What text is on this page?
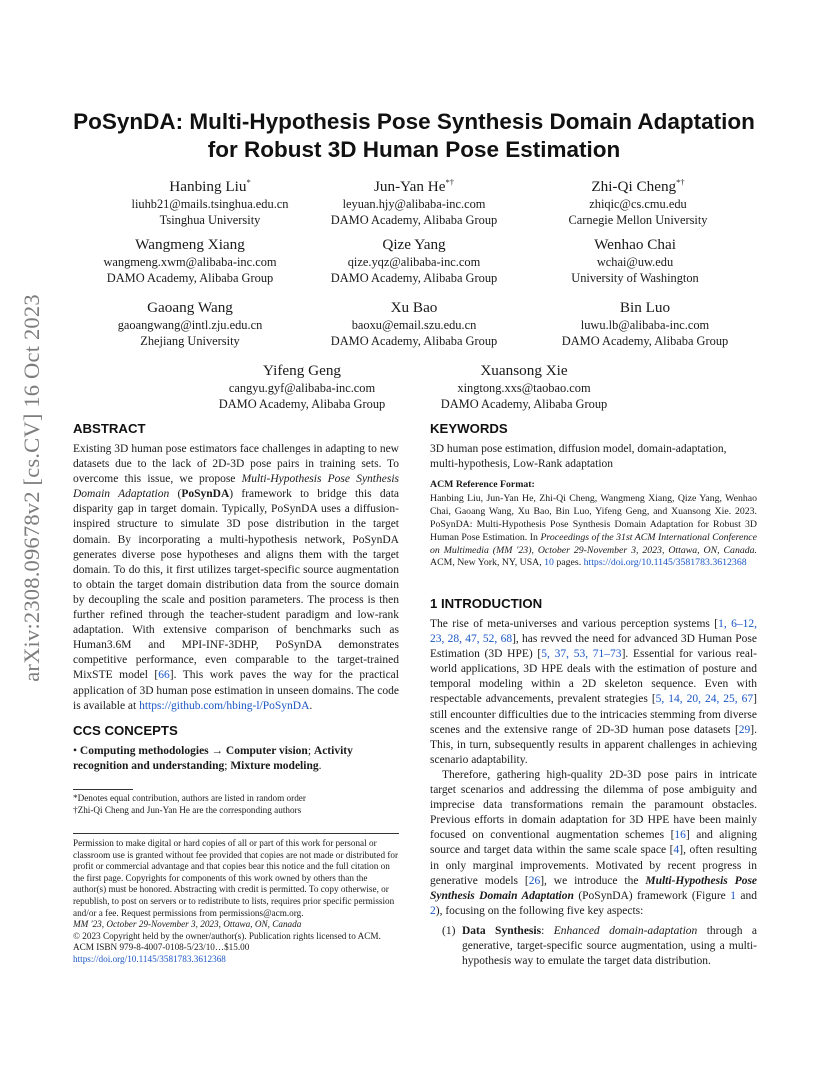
arXiv:2308.09678v2 [cs.CV] 16 Oct 2023
PoSynDA: Multi-Hypothesis Pose Synthesis Domain Adaptation
for Robust 3D Human Pose Estimation
Hanbing Liu*
liuhb21@mails.tsinghua.edu.cn
Tsinghua University
Jun-Yan He*†
leyuan.hjy@alibaba-inc.com
DAMO Academy, Alibaba Group
Zhi-Qi Cheng*†
zhiqic@cs.cmu.edu
Carnegie Mellon University
Wangmeng Xiang
wangmeng.xwm@alibaba-inc.com
DAMO Academy, Alibaba Group
Qize Yang
qize.yqz@alibaba-inc.com
DAMO Academy, Alibaba Group
Wenhao Chai
wchai@uw.edu
University of Washington
Gaoang Wang
gaoangwang@intl.zju.edu.cn
Zhejiang University
Xu Bao
baoxu@email.szu.edu.cn
DAMO Academy, Alibaba Group
Bin Luo
luwu.lb@alibaba-inc.com
DAMO Academy, Alibaba Group
Yifeng Geng
cangyu.gyf@alibaba-inc.com
DAMO Academy, Alibaba Group
Xuansong Xie
xingtong.xxs@taobao.com
DAMO Academy, Alibaba Group
ABSTRACT

Existing 3D human pose estimators face challenges in adapting to new datasets due to the lack of 2D-3D pose pairs in training sets. To overcome this issue, we propose Multi-Hypothesis Pose Synthesis Domain Adaptation (PoSynDA) framework to bridge this data disparity gap in target domain. Typically, PoSynDA uses a diffusion-inspired structure to simulate 3D pose distribution in the target domain. By incorporating a multi-hypothesis network, PoSynDA generates diverse pose hypotheses and aligns them with the target domain. To do this, it first utilizes target-specific source augmentation to obtain the target domain distribution data from the source domain by decoupling the scale and position parameters. The process is then further refined through the teacher-student paradigm and low-rank adaptation. With extensive comparison of benchmarks such as Human3.6M and MPI-INF-3DHP, PoSynDA demonstrates competitive performance, even comparable to the target-trained MixSTE model [66]. This work paves the way for the practical application of 3D human pose estimation in unseen domains. The code is available at https://github.com/hbing-l/PoSynDA.

CCS CONCEPTS

• Computing methodologies → Computer vision; Activity recognition and understanding; Mixture modeling.

*Denotes equal contribution, authors are listed in random order
†Zhi-Qi Cheng and Jun-Yan He are the corresponding authors

Permission to make digital or hard copies of all or part of this work for personal or classroom use is granted without fee provided that copies are not made or distributed for profit or commercial advantage and that copies bear this notice and the full citation on the first page. Copyrights for components of this work owned by others than the author(s) must be honored. Abstracting with credit is permitted. To copy otherwise, or republish, to post on servers or to redistribute to lists, requires prior specific permission and/or a fee. Request permissions from permissions@acm.org.

MM '23, October 29-November 3, 2023, Ottawa, ON, Canada
© 2023 Copyright held by the owner/author(s). Publication rights licensed to ACM.
ACM ISBN 979-8-4007-0108-5/23/10…$15.00
https://doi.org/10.1145/3581783.3612368
KEYWORDS

3D human pose estimation, diffusion model, domain-adaptation, multi-hypothesis, Low-Rank adaptation

ACM Reference Format:

Hanbing Liu, Jun-Yan He, Zhi-Qi Cheng, Wangmeng Xiang, Qize Yang, Wenhao Chai, Gaoang Wang, Xu Bao, Bin Luo, Yifeng Geng, and Xuansong Xie. 2023. PoSynDA: Multi-Hypothesis Pose Synthesis Domain Adaptation for Robust 3D Human Pose Estimation. In Proceedings of the 31st ACM International Conference on Multimedia (MM '23), October 29-November 3, 2023, Ottawa, ON, Canada. ACM, New York, NY, USA, 10 pages. https://doi.org/10.1145/3581783.3612368

1 INTRODUCTION

The rise of meta-universes and various perception systems [1, 6–12, 23, 28, 47, 52, 68], has revved the need for advanced 3D Human Pose Estimation (3D HPE) [5, 37, 53, 71–73]. Essential for various real-world applications, 3D HPE deals with the estimation of posture and temporal modeling within a 2D skeleton sequence. Even with respectable advancements, prevalent strategies [5, 14, 20, 24, 25, 67] still encounter difficulties due to the intricacies stemming from diverse scenes and the extensive range of 2D-3D human pose datasets [29]. This, in turn, subsequently results in apparent challenges in achieving scenario adaptability.

Therefore, gathering high-quality 2D-3D pose pairs in intricate target scenarios and addressing the dilemma of pose ambiguity and imprecise data transformations remain the paramount obstacles. Previous efforts in domain adaptation for 3D HPE have been mainly focused on conventional augmentation schemes [16] and aligning source and target data within the same scale space [4], often resulting in only marginal improvements. Motivated by recent progress in generative models [26], we introduce the Multi-Hypothesis Pose Synthesis Domain Adaptation (PoSynDA) framework (Figure 1 and 2), focusing on the following five key aspects:

(1) Data Synthesis: Enhanced domain-adaptation through a generative, target-specific source augmentation, using a multi-hypothesis way to emulate the target data distribution.
